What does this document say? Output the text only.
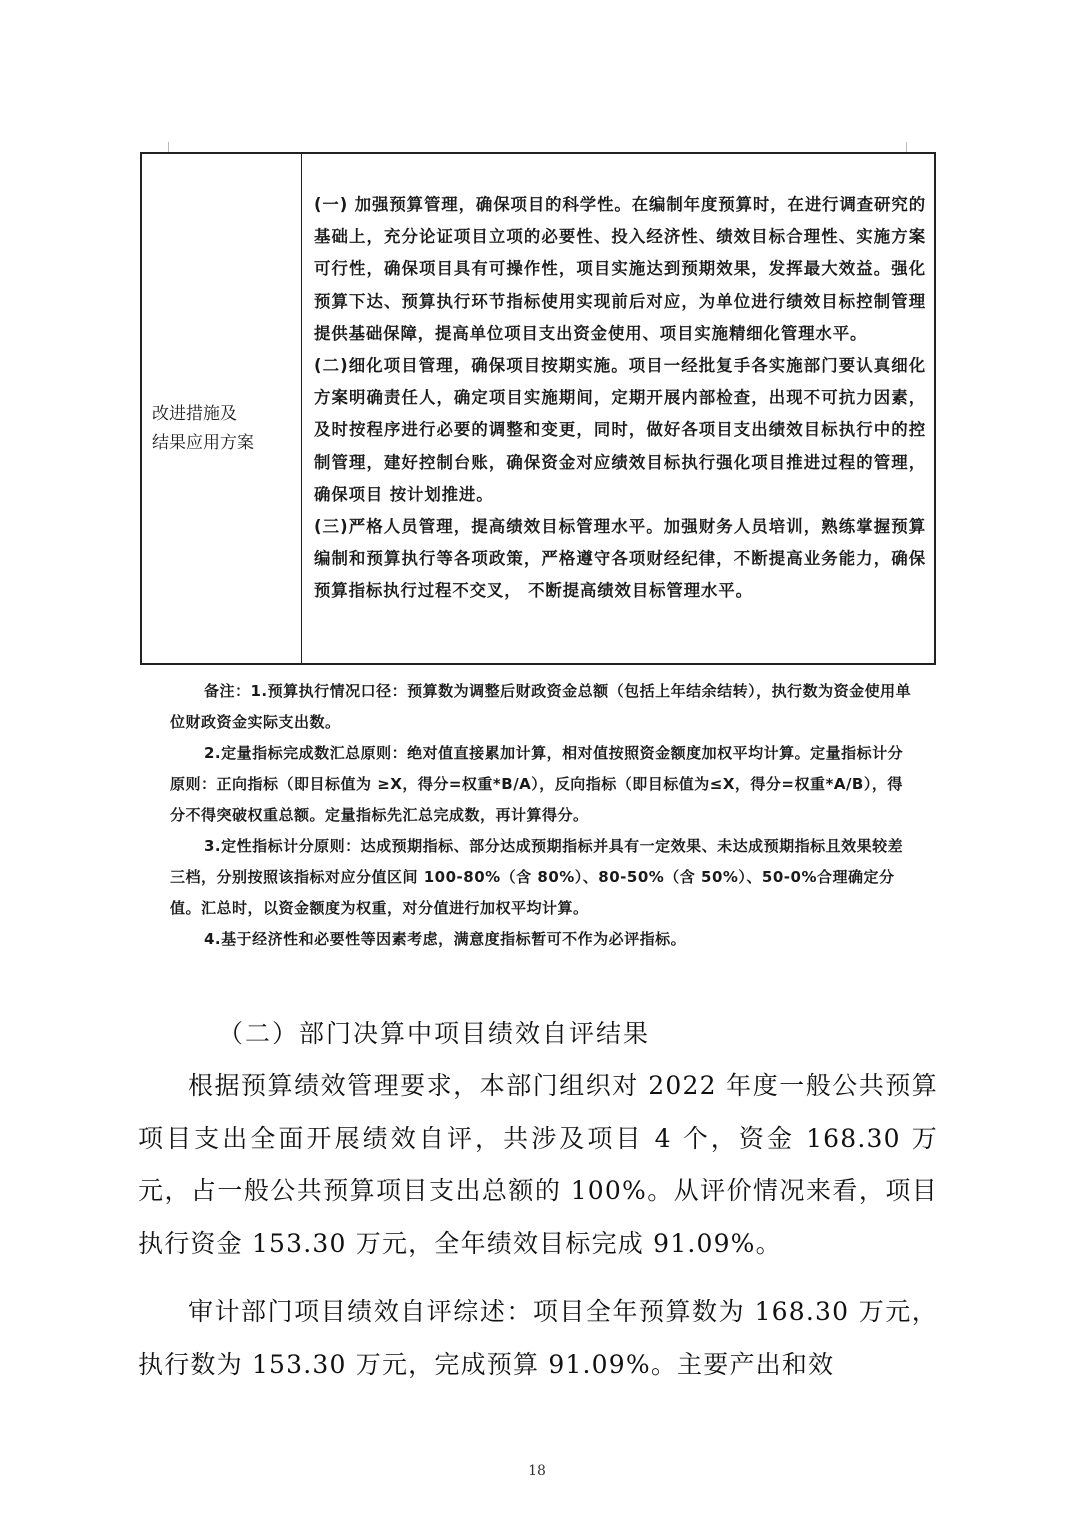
改进措施及
结果应用方案

(一) 加强预算管理，确保项目的科学性。在编制年度预算时，在进行调查研究的基础上，充分论证项目立项的必要性、投入经济性、绩效目标合理性、实施方案可行性，确保项目具有可操作性，项目实施达到预期效果，发挥最大效益。强化预算下达、预算执行环节指标使用实现前后对应，为单位进行绩效目标控制管理提供基础保障，提高单位项目支出资金使用、项目实施精细化管理水平。

(二)细化项目管理，确保项目按期实施。项目一经批复手各实施部门要认真细化方案明确责任人，确定项目实施期间，定期开展内部检查，出现不可抗力因素，及时按程序进行必要的调整和变更，同时，做好各项目支出绩效目标执行中的控制管理，建好控制台账，确保资金对应绩效目标执行强化项目推进过程的管理，确保项目 按计划推进。

(三)严格人员管理，提高绩效目标管理水平。加强财务人员培训，熟练掌握预算编制和预算执行等各项政策，严格遵守各项财经纪律，不断提高业务能力，确保预算指标执行过程不交叉， 不断提高绩效目标管理水平。

备注：1.预算执行情况口径：预算数为调整后财政资金总额（包括上年结余结转），执行数为资金使用单位财政资金实际支出数。

2.定量指标完成数汇总原则：绝对值直接累加计算，相对值按照资金额度加权平均计算。定量指标计分原则：正向指标（即目标值为 ≥X，得分=权重*B/A），反向指标（即目标值为≤X，得分=权重*A/B），得分不得突破权重总额。定量指标先汇总完成数，再计算得分。

3.定性指标计分原则：达成预期指标、部分达成预期指标并具有一定效果、未达成预期指标且效果较差三档，分别按照该指标对应分值区间 100-80%（含 80%）、80-50%（含 50%）、50-0%合理确定分值。汇总时，以资金额度为权重，对分值进行加权平均计算。

4.基于经济性和必要性等因素考虑，满意度指标暂可不作为必评指标。

（二）部门决算中项目绩效自评结果
根据预算绩效管理要求，本部门组织对 2022 年度一般公共预算项目支出全面开展绩效自评，共涉及项目 4 个，资金 168.30 万元，占一般公共预算项目支出总额的 100%。从评价情况来看，项目执行资金 153.30 万元，全年绩效目标完成 91.09%。
审计部门项目绩效自评综述：项目全年预算数为 168.30 万元，执行数为 153.30 万元，完成预算 91.09%。主要产出和效
18
